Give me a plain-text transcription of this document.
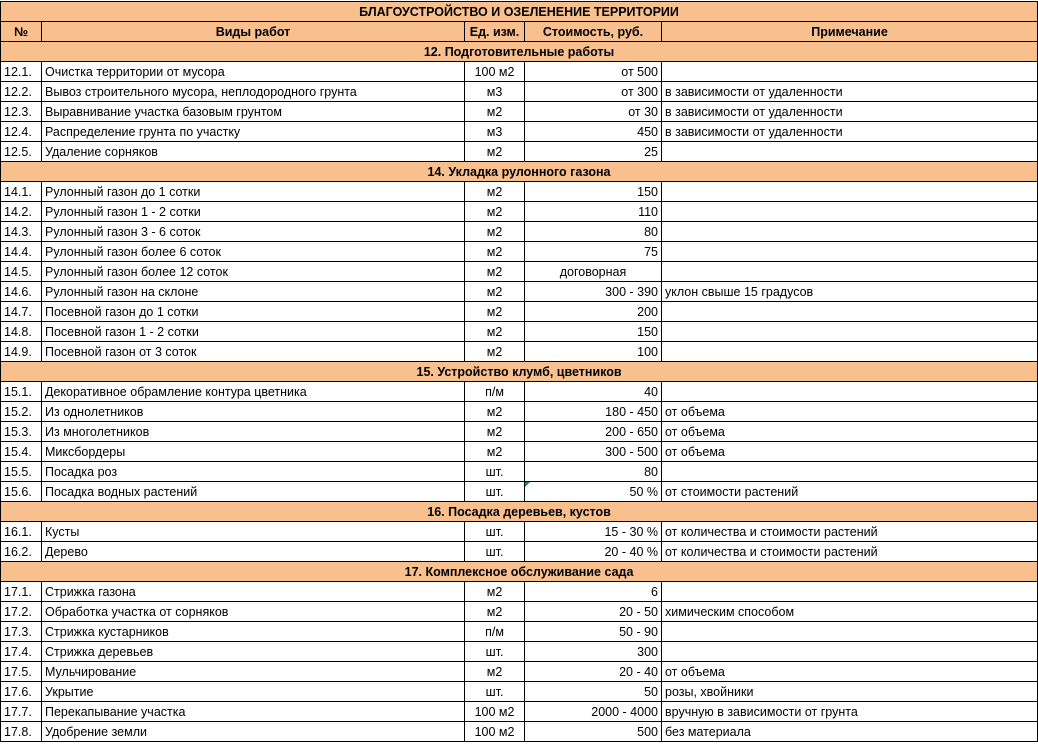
БЛАГОУСТРОЙСТВО И ОЗЕЛЕНЕНИЕ ТЕРРИТОРИИ				
№	Виды работ	Ед. изм.	Стоимость, руб.	Примечание
12. Подготовительные работы				
12.1.	Очистка территории от мусора	100 м2	от 500	
12.2.	Вывоз строительного мусора, неплодородного грунта	м3	от 300	в зависимости от удаленности
12.3.	Выравнивание участка базовым грунтом	м2	от 30	в зависимости от удаленности
12.4.	Распределение грунта по участку	м3	450	в зависимости от удаленности
12.5.	Удаление сорняков	м2	25	
14. Укладка рулонного газона				
14.1.	Рулонный газон до 1 сотки	м2	150	
14.2.	Рулонный газон 1 - 2 сотки	м2	110	
14.3.	Рулонный газон 3 - 6 соток	м2	80	
14.4.	Рулонный газон более 6 соток	м2	75	
14.5.	Рулонный газон более 12 соток	м2	договорная	
14.6.	Рулонный газон на склоне	м2	300 - 390	уклон свыше 15 градусов
14.7.	Посевной газон до 1 сотки	м2	200	
14.8.	Посевной газон 1 - 2 сотки	м2	150	
14.9.	Посевной газон от 3 соток	м2	100	
15. Устройство клумб, цветников				
15.1.	Декоративное обрамление контура цветника	п/м	40	
15.2.	Из однолетников	м2	180 - 450	от объема
15.3.	Из многолетников	м2	200 - 650	от объема
15.4.	Миксбордеры	м2	300 - 500	от объема
15.5.	Посадка роз	шт.	80	
15.6.	Посадка водных растений	шт.	50 %	от стоимости растений
16. Посадка деревьев, кустов				
16.1.	Кусты	шт.	15 - 30 %	от количества и стоимости растений
16.2.	Дерево	шт.	20 - 40 %	от количества и стоимости растений
17. Комплексное обслуживание сада				
17.1.	Стрижка газона	м2	6	
17.2.	Обработка участка от сорняков	м2	20 - 50	химическим способом
17.3.	Стрижка кустарников	п/м	50 - 90	
17.4.	Стрижка деревьев	шт.	300	
17.5.	Мульчирование	м2	20 - 40	от объема
17.6.	Укрытие	шт.	50	розы, хвойники
17.7.	Перекапывание участка	100 м2	2000 - 4000	вручную в зависимости от грунта
17.8.	Удобрение земли	100 м2	500	без материала
